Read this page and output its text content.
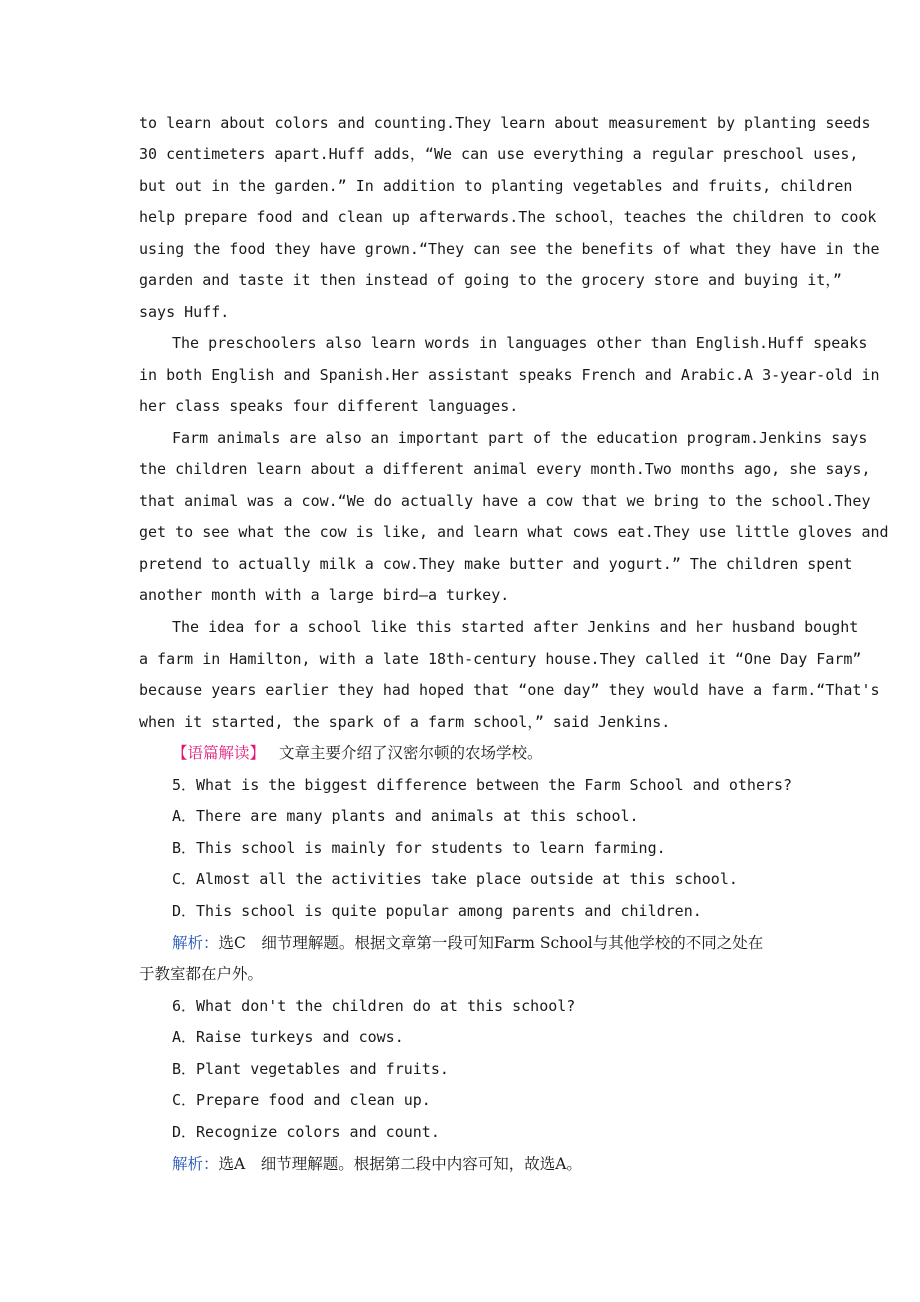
to learn about colors and counting.They learn about measurement by planting seeds
30 centimeters apart.Huff adds，“We can use everything a regular preschool uses,
but out in the garden.” In addition to planting vegetables and fruits, children
help prepare food and clean up afterwards.The school，teaches the children to cook
using the food they have grown.“They can see the benefits of what they have in the
garden and taste it then instead of going to the grocery store and buying it，”
says Huff.
The preschoolers also learn words in languages other than English.Huff speaks
in both English and Spanish.Her assistant speaks French and Arabic.A 3-year-old in
her class speaks four different languages.
Farm animals are also an important part of the education program.Jenkins says
the children learn about a different animal every month.Two months ago, she says,
that animal was a cow.“We do actually have a cow that we bring to the school.They
get to see what the cow is like, and learn what cows eat.They use little gloves and
pretend to actually milk a cow.They make butter and yogurt.” The children spent
another month with a large bird—a turkey.
The idea for a school like this started after Jenkins and her husband bought
a farm in Hamilton, with a late 18th-century house.They called it “One Day Farm”
because years earlier they had hoped that “one day” they would have a farm.“That's
when it started, the spark of a farm school，” said Jenkins.
【语篇解读】 文章主要介绍了汉密尔顿的农场学校。
5．What is the biggest difference between the Farm School and others?
A．There are many plants and animals at this school.
B．This school is mainly for students to learn farming.
C．Almost all the activities take place outside at this school.
D．This school is quite popular among parents and children.
解析：选C　细节理解题。根据文章第一段可知Farm School与其他学校的不同之处在
于教室都在户外。
6．What don't the children do at this school?
A．Raise turkeys and cows.
B．Plant vegetables and fruits.
C．Prepare food and clean up.
D．Recognize colors and count.
解析：选A　细节理解题。根据第二段中内容可知，故选A。
